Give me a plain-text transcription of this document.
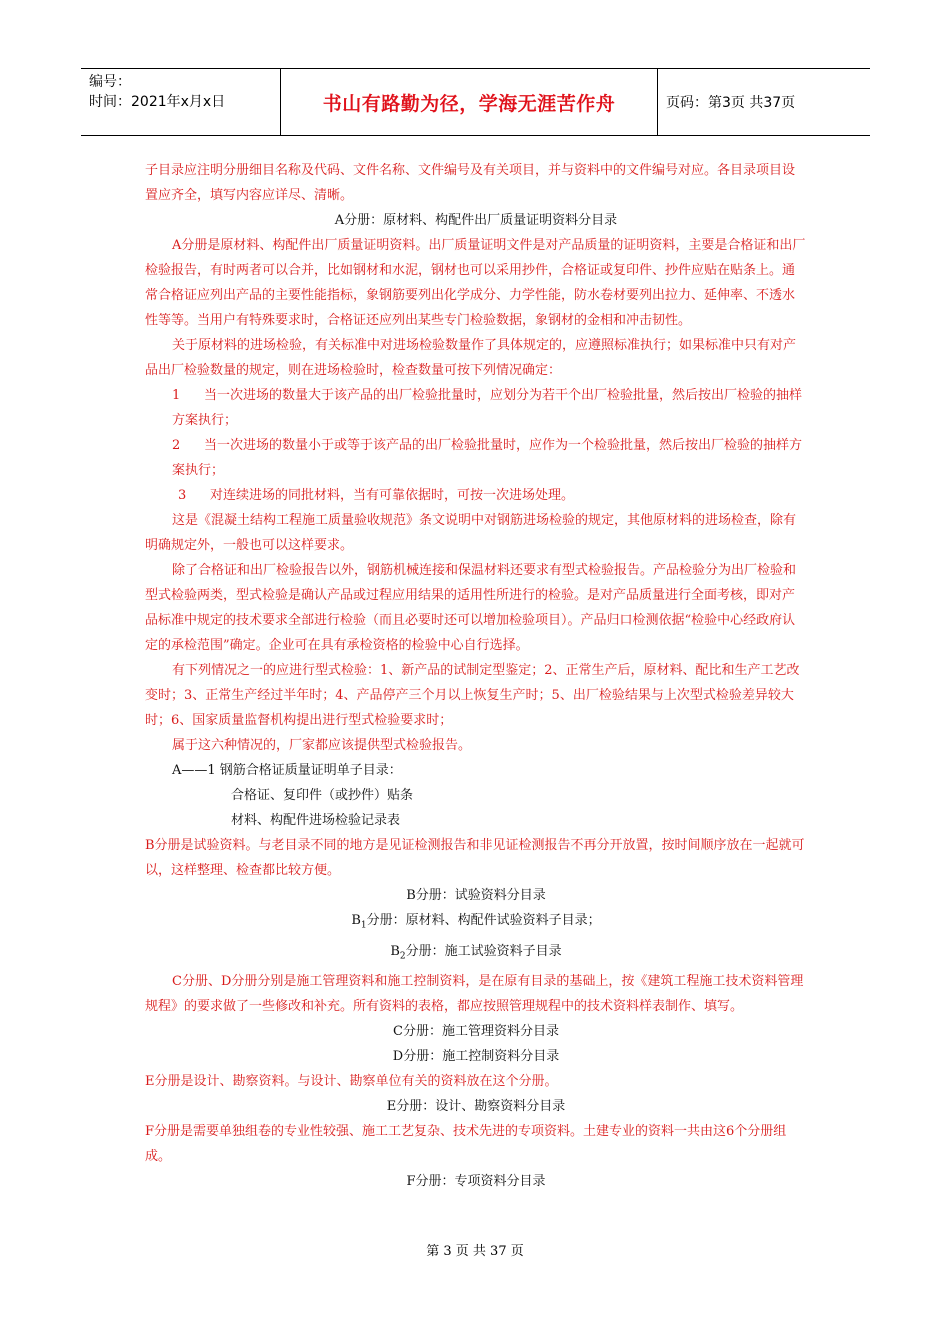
编号：
时间：2021年x月x日	书山有路勤为径，学海无涯苦作舟	页码：第3页 共37页

子目录应注明分册细目名称及代码、文件名称、文件编号及有关项目，并与资料中的文件编号对应。各目录项目设置应齐全，填写内容应详尽、清晰。

A分册：原材料、构配件出厂质量证明资料分目录

A分册是原材料、构配件出厂质量证明资料。出厂质量证明文件是对产品质量的证明资料，主要是合格证和出厂检验报告，有时两者可以合并，比如钢材和水泥，钢材也可以采用抄件，合格证或复印件、抄件应贴在贴条上。通常合格证应列出产品的主要性能指标，象钢筋要列出化学成分、力学性能，防水卷材要列出拉力、延伸率、不透水性等等。当用户有特殊要求时，合格证还应列出某些专门检验数据，象钢材的金相和冲击韧性。

关于原材料的进场检验，有关标准中对进场检验数量作了具体规定的，应遵照标准执行；如果标准中只有对产品出厂检验数量的规定，则在进场检验时，检查数量可按下列情况确定：

1 当一次进场的数量大于该产品的出厂检验批量时，应划分为若干个出厂检验批量，然后按出厂检验的抽样方案执行；

2 当一次进场的数量小于或等于该产品的出厂检验批量时，应作为一个检验批量，然后按出厂检验的抽样方案执行；

3 对连续进场的同批材料，当有可靠依据时，可按一次进场处理。

这是《混凝土结构工程施工质量验收规范》条文说明中对钢筋进场检验的规定，其他原材料的进场检查，除有明确规定外，一般也可以这样要求。

除了合格证和出厂检验报告以外，钢筋机械连接和保温材料还要求有型式检验报告。产品检验分为出厂检验和型式检验两类，型式检验是确认产品或过程应用结果的适用性所进行的检验。是对产品质量进行全面考核，即对产品标准中规定的技术要求全部进行检验（而且必要时还可以增加检验项目）。产品归口检测依据“检验中心经政府认定的承检范围”确定。企业可在具有承检资格的检验中心自行选择。

有下列情况之一的应进行型式检验：1、新产品的试制定型鉴定；2、正常生产后，原材料、配比和生产工艺改变时；3、正常生产经过半年时；4、产品停产三个月以上恢复生产时；5、出厂检验结果与上次型式检验差异较大时；6、国家质量监督机构提出进行型式检验要求时；

属于这六种情况的，厂家都应该提供型式检验报告。

A——1 钢筋合格证质量证明单子目录：

合格证、复印件（或抄件）贴条

材料、构配件进场检验记录表

B分册是试验资料。与老目录不同的地方是见证检测报告和非见证检测报告不再分开放置，按时间顺序放在一起就可以，这样整理、检查都比较方便。

B分册：试验资料分目录

$B_1$分册：原材料、构配件试验资料子目录；

$B_2$分册：施工试验资料子目录

C分册、D分册分别是施工管理资料和施工控制资料，是在原有目录的基础上，按《建筑工程施工技术资料管理规程》的要求做了一些修改和补充。所有资料的表格，都应按照管理规程中的技术资料样表制作、填写。

C分册：施工管理资料分目录

D分册：施工控制资料分目录

E分册是设计、勘察资料。与设计、勘察单位有关的资料放在这个分册。

E分册：设计、勘察资料分目录

F分册是需要单独组卷的专业性较强、施工工艺复杂、技术先进的专项资料。土建专业的资料一共由这6个分册组成。

F分册：专项资料分目录

第 3 页 共 37 页
